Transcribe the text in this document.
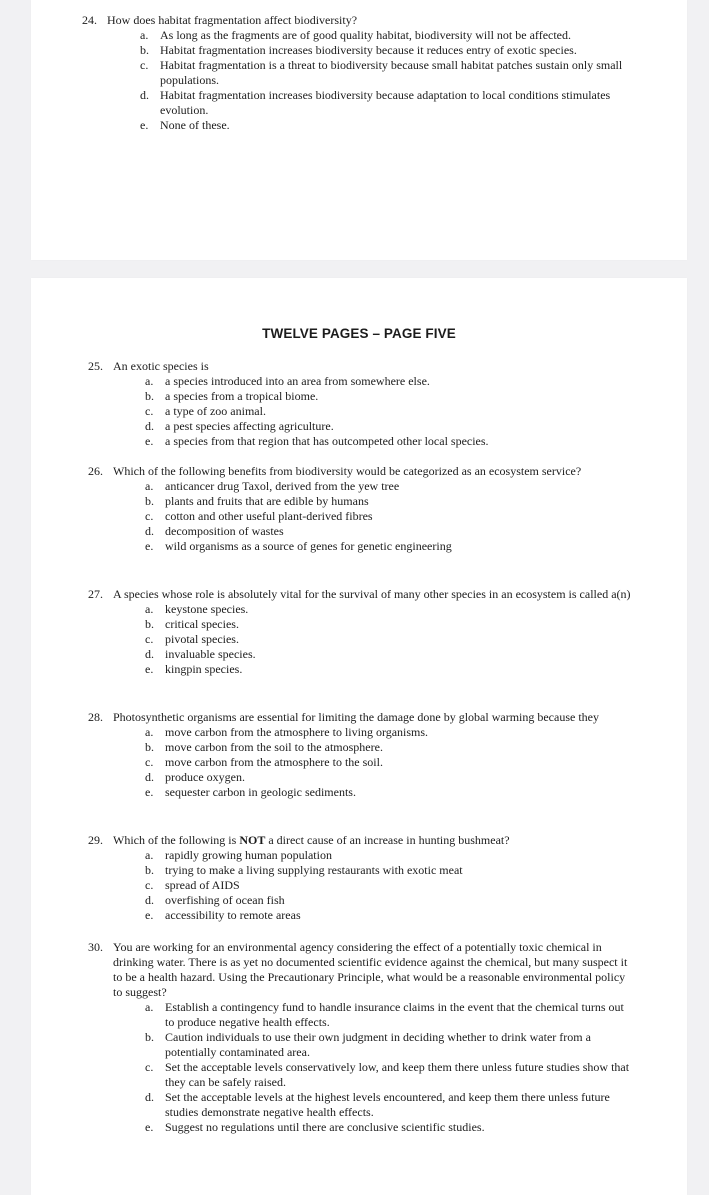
24. How does habitat fragmentation affect biodiversity?
a. As long as the fragments are of good quality habitat, biodiversity will not be affected.
b. Habitat fragmentation increases biodiversity because it reduces entry of exotic species.
c. Habitat fragmentation is a threat to biodiversity because small habitat patches sustain only small populations.
d. Habitat fragmentation increases biodiversity because adaptation to local conditions stimulates evolution.
e. None of these.
TWELVE PAGES – PAGE FIVE
25. An exotic species is
a. a species introduced into an area from somewhere else.
b. a species from a tropical biome.
c. a type of zoo animal.
d. a pest species affecting agriculture.
e. a species from that region that has outcompeted other local species.
26. Which of the following benefits from biodiversity would be categorized as an ecosystem service?
a. anticancer drug Taxol, derived from the yew tree
b. plants and fruits that are edible by humans
c. cotton and other useful plant-derived fibres
d. decomposition of wastes
e. wild organisms as a source of genes for genetic engineering
27. A species whose role is absolutely vital for the survival of many other species in an ecosystem is called a(n)
a. keystone species.
b. critical species.
c. pivotal species.
d. invaluable species.
e. kingpin species.
28. Photosynthetic organisms are essential for limiting the damage done by global warming because they
a. move carbon from the atmosphere to living organisms.
b. move carbon from the soil to the atmosphere.
c. move carbon from the atmosphere to the soil.
d. produce oxygen.
e. sequester carbon in geologic sediments.
29. Which of the following is NOT a direct cause of an increase in hunting bushmeat?
a. rapidly growing human population
b. trying to make a living supplying restaurants with exotic meat
c. spread of AIDS
d. overfishing of ocean fish
e. accessibility to remote areas
30. You are working for an environmental agency considering the effect of a potentially toxic chemical in drinking water. There is as yet no documented scientific evidence against the chemical, but many suspect it to be a health hazard. Using the Precautionary Principle, what would be a reasonable environmental policy to suggest?
a. Establish a contingency fund to handle insurance claims in the event that the chemical turns out to produce negative health effects.
b. Caution individuals to use their own judgment in deciding whether to drink water from a potentially contaminated area.
c. Set the acceptable levels conservatively low, and keep them there unless future studies show that they can be safely raised.
d. Set the acceptable levels at the highest levels encountered, and keep them there unless future studies demonstrate negative health effects.
e. Suggest no regulations until there are conclusive scientific studies.
